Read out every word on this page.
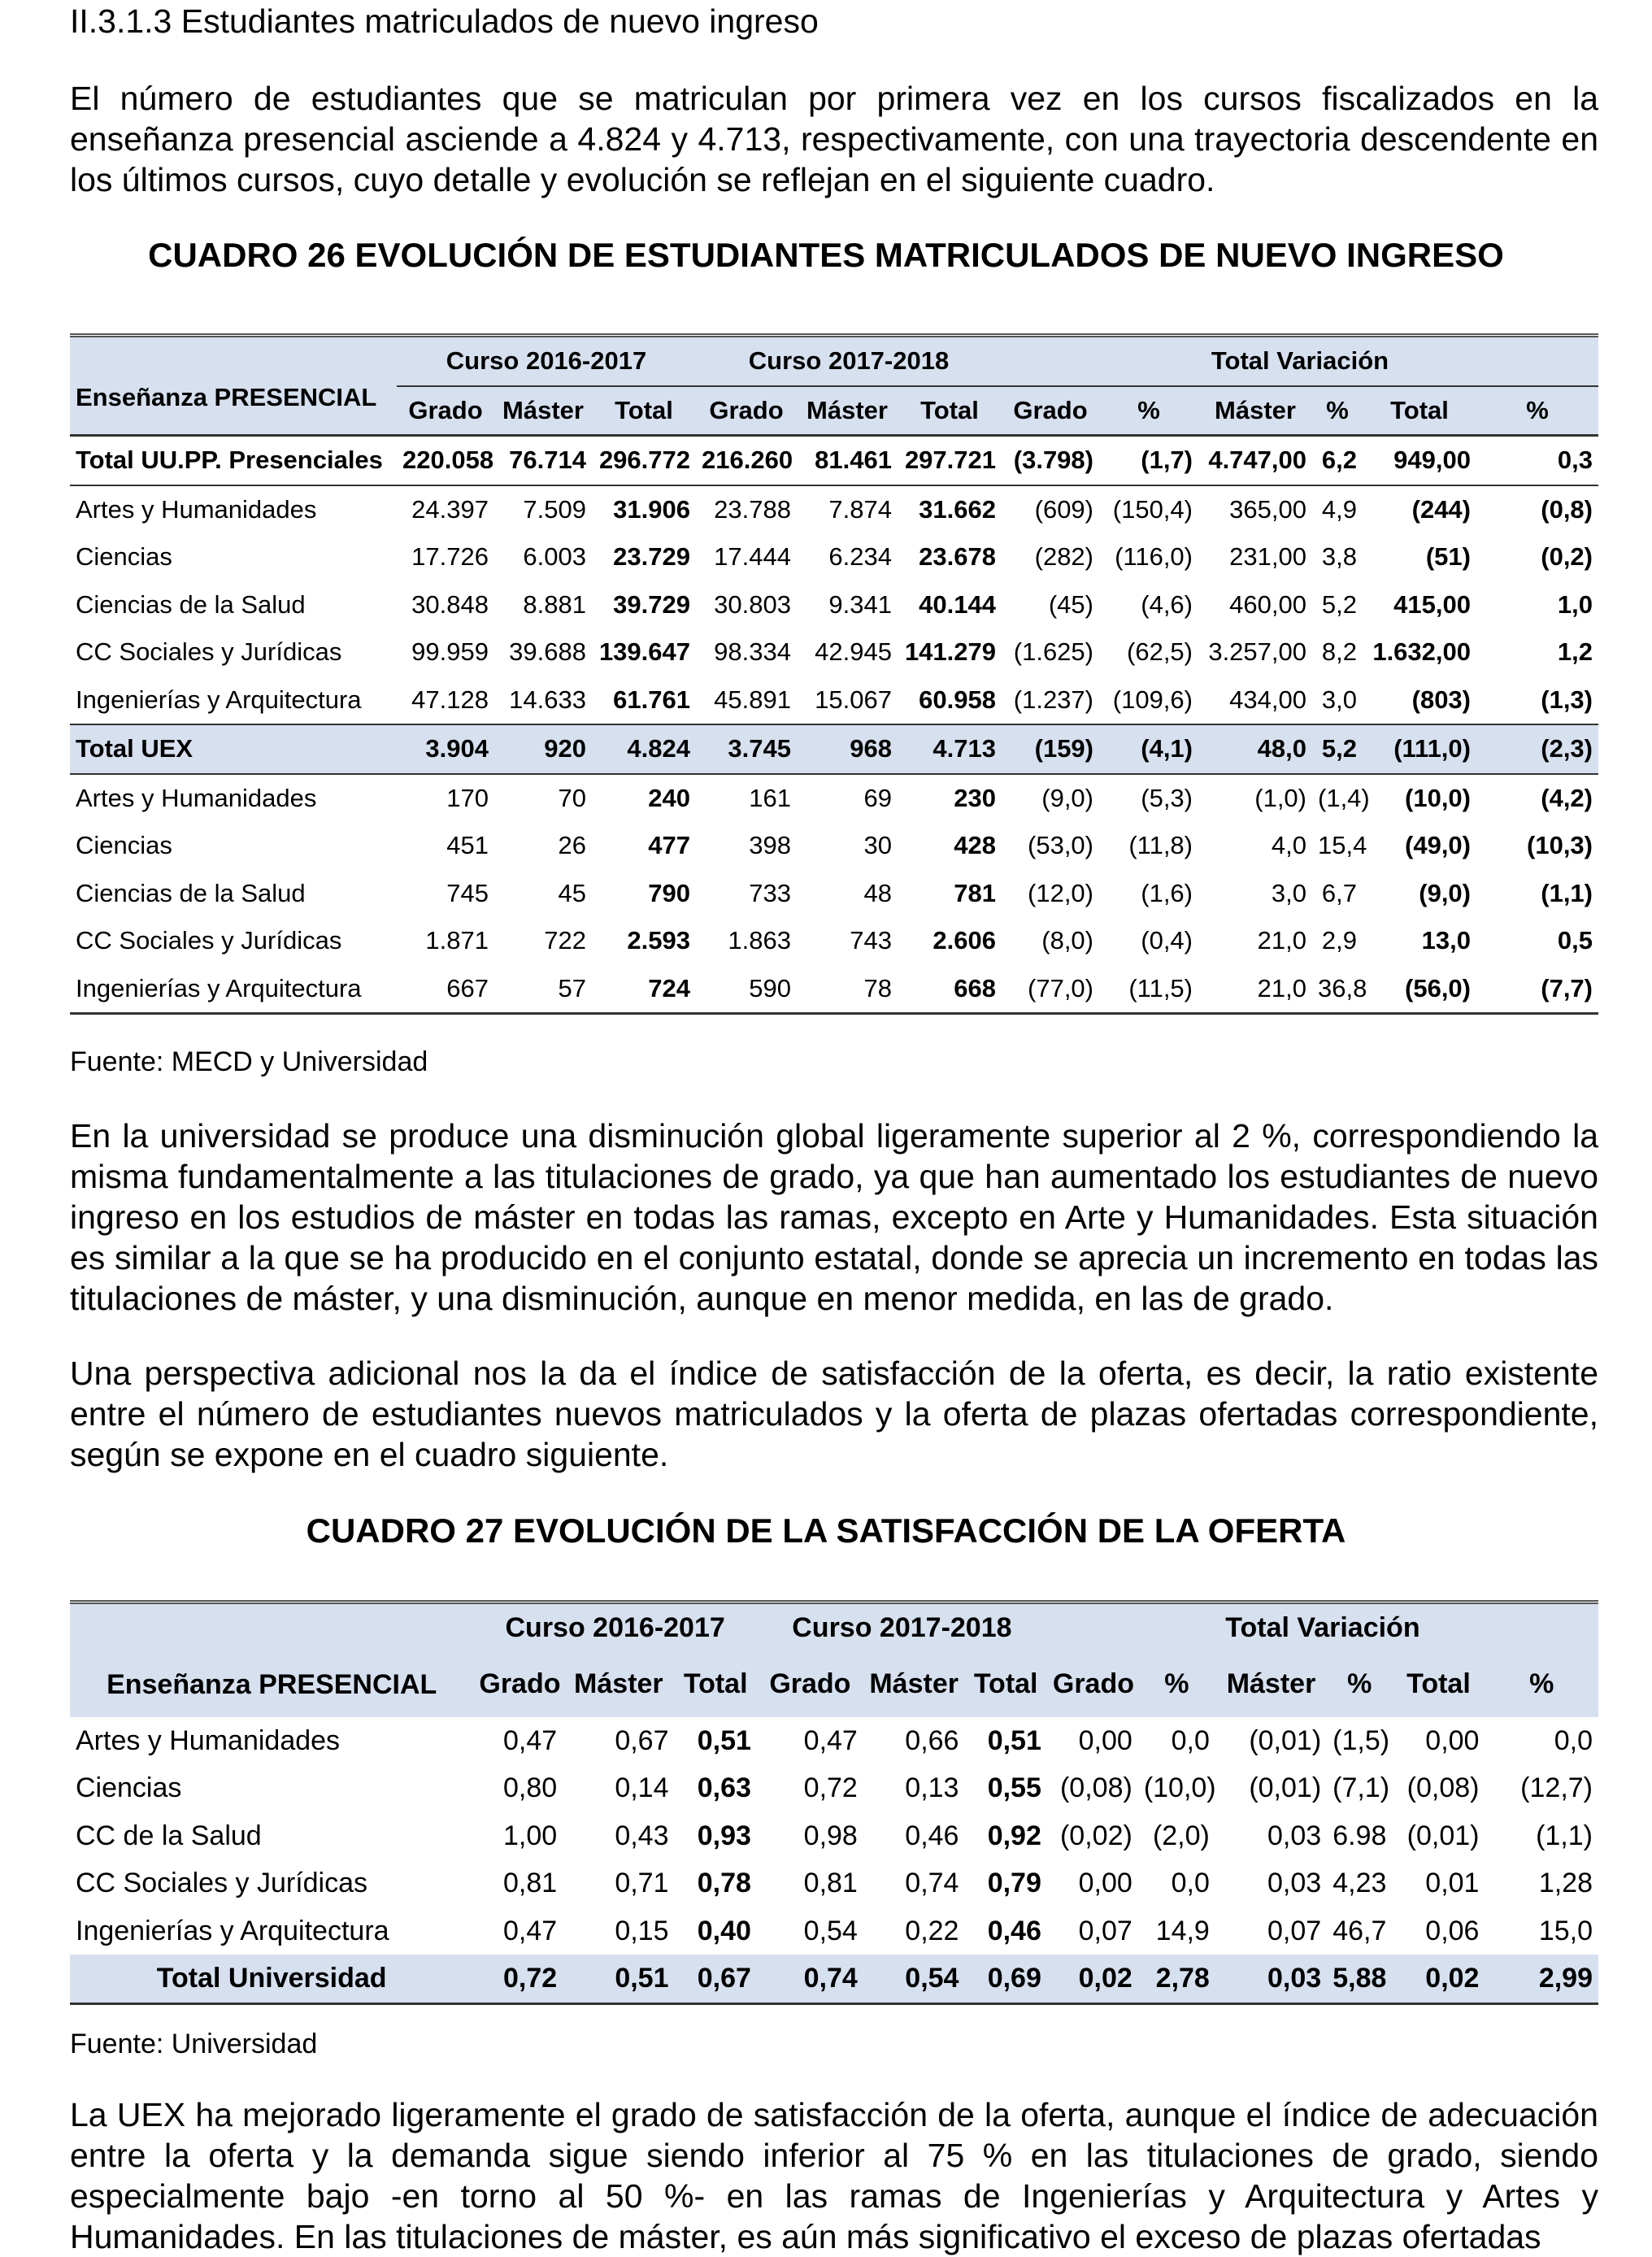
II.3.1.3 Estudiantes matriculados de nuevo ingreso
El número de estudiantes que se matriculan por primera vez en los cursos fiscalizados en la enseñanza presencial asciende a 4.824 y 4.713, respectivamente, con una trayectoria descendente en los últimos cursos, cuyo detalle y evolución se reflejan en el siguiente cuadro.
CUADRO 26 EVOLUCIÓN DE ESTUDIANTES MATRICULADOS DE NUEVO INGRESO
Enseñanza PRESENCIAL	Curso 2016-2017			Curso 2017-2018			Total Variación					
	Grado	Máster	Total	Grado	Máster	Total	Grado	%	Máster	%	Total	%
Total UU.PP. Presenciales	220.058	76.714	296.772	216.260	81.461	297.721	(3.798)	(1,7)	4.747,00	6,2	949,00	0,3
Artes y Humanidades	24.397	7.509	31.906	23.788	7.874	31.662	(609)	(150,4)	365,00	4,9	(244)	(0,8)
Ciencias	17.726	6.003	23.729	17.444	6.234	23.678	(282)	(116,0)	231,00	3,8	(51)	(0,2)
Ciencias de la Salud	30.848	8.881	39.729	30.803	9.341	40.144	(45)	(4,6)	460,00	5,2	415,00	1,0
CC Sociales y Jurídicas	99.959	39.688	139.647	98.334	42.945	141.279	(1.625)	(62,5)	3.257,00	8,2	1.632,00	1,2
Ingenierías y Arquitectura	47.128	14.633	61.761	45.891	15.067	60.958	(1.237)	(109,6)	434,00	3,0	(803)	(1,3)
Total UEX	3.904	920	4.824	3.745	968	4.713	(159)	(4,1)	48,0	5,2	(111,0)	(2,3)
Artes y Humanidades	170	70	240	161	69	230	(9,0)	(5,3)	(1,0)	(1,4)	(10,0)	(4,2)
Ciencias	451	26	477	398	30	428	(53,0)	(11,8)	4,0	15,4	(49,0)	(10,3)
Ciencias de la Salud	745	45	790	733	48	781	(12,0)	(1,6)	3,0	6,7	(9,0)	(1,1)
CC Sociales y Jurídicas	1.871	722	2.593	1.863	743	2.606	(8,0)	(0,4)	21,0	2,9	13,0	0,5
Ingenierías y Arquitectura	667	57	724	590	78	668	(77,0)	(11,5)	21,0	36,8	(56,0)	(7,7)
Fuente: MECD y Universidad
En la universidad se produce una disminución global ligeramente superior al 2 %, correspondiendo la misma fundamentalmente a las titulaciones de grado, ya que han aumentado los estudiantes de nuevo ingreso en los estudios de máster en todas las ramas, excepto en Arte y Humanidades. Esta situación es similar a la que se ha producido en el conjunto estatal, donde se aprecia un incremento en todas las titulaciones de máster, y una disminución, aunque en menor medida, en las de grado.
Una perspectiva adicional nos la da el índice de satisfacción de la oferta, es decir, la ratio existente entre el número de estudiantes nuevos matriculados y la oferta de plazas ofertadas correspondiente, según se expone en el cuadro siguiente.
CUADRO 27 EVOLUCIÓN DE LA SATISFACCIÓN DE LA OFERTA
	Curso 2016-2017			Curso 2017-2018			Total Variación					
Enseñanza PRESENCIAL	Grado	Máster	Total	Grado	Máster	Total	Grado	%	Máster	%	Total	%
Artes y Humanidades	0,47	0,67	0,51	0,47	0,66	0,51	0,00	0,0	(0,01)	(1,5)	0,00	0,0
Ciencias	0,80	0,14	0,63	0,72	0,13	0,55	(0,08)	(10,0)	(0,01)	(7,1)	(0,08)	(12,7)
CC de la Salud	1,00	0,43	0,93	0,98	0,46	0,92	(0,02)	(2,0)	0,03	6.98	(0,01)	(1,1)
CC Sociales y Jurídicas	0,81	0,71	0,78	0,81	0,74	0,79	0,00	0,0	0,03	4,23	0,01	1,28
Ingenierías y Arquitectura	0,47	0,15	0,40	0,54	0,22	0,46	0,07	14,9	0,07	46,7	0,06	15,0
Total Universidad	0,72	0,51	0,67	0,74	0,54	0,69	0,02	2,78	0,03	5,88	0,02	2,99
Fuente: Universidad
La UEX ha mejorado ligeramente el grado de satisfacción de la oferta, aunque el índice de adecuación entre la oferta y la demanda sigue siendo inferior al 75 % en las titulaciones de grado, siendo especialmente bajo -en torno al 50 %- en las ramas de Ingenierías y Arquitectura y Artes y Humanidades. En las titulaciones de máster, es aún más significativo el exceso de plazas ofertadas
